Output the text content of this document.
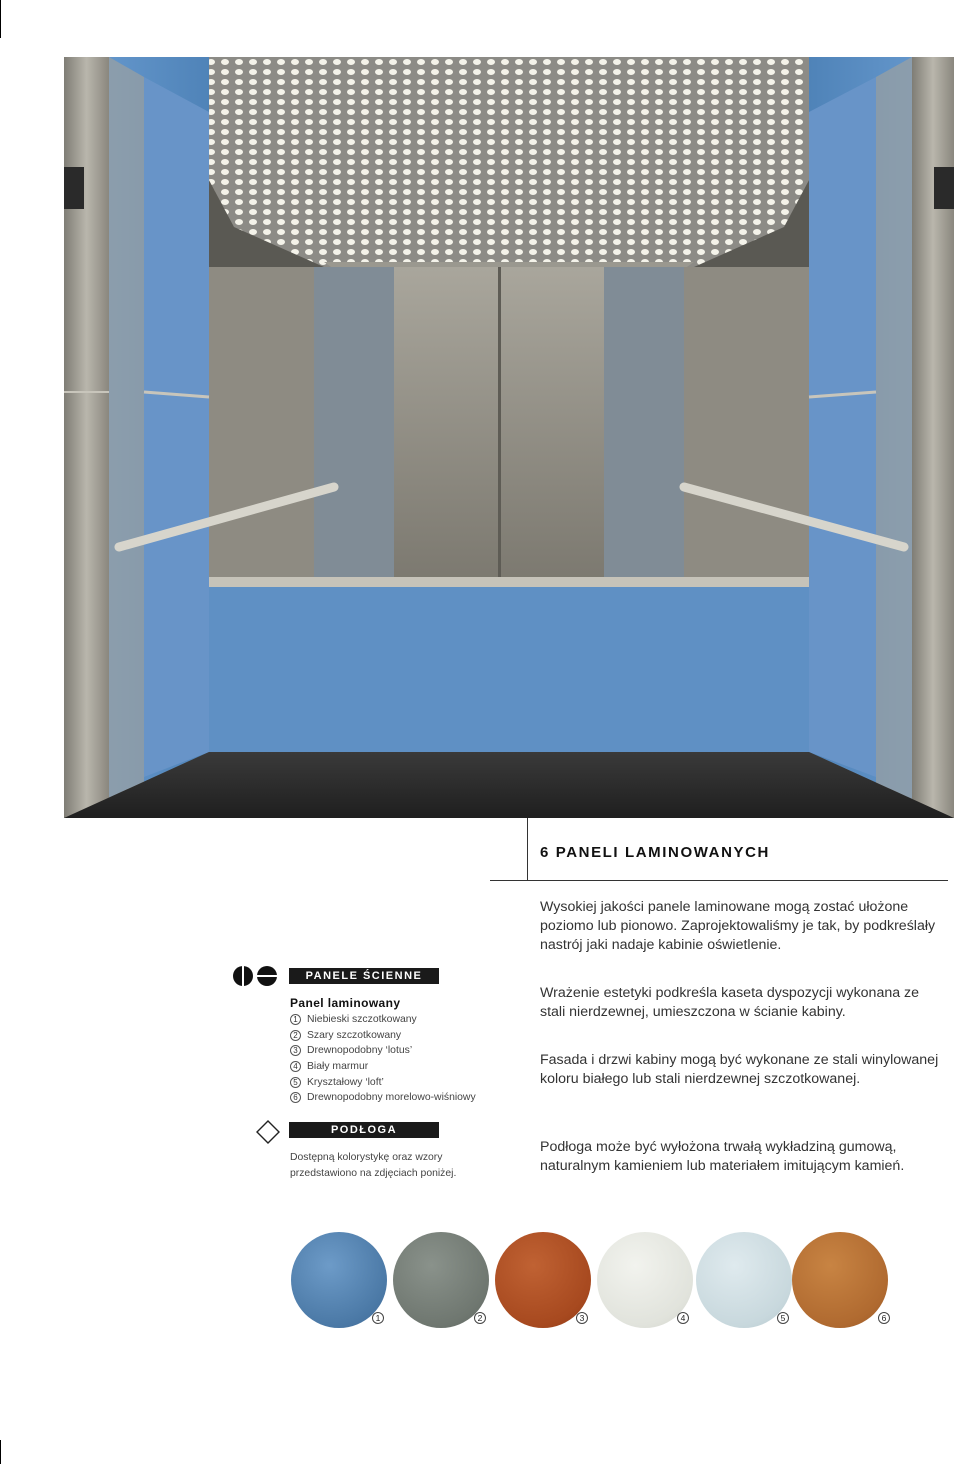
6 PANELI LAMINOWANYCH

Wysokiej jakości panele laminowane mogą zostać ułożone poziomo lub pionowo. Zaprojektowaliśmy je tak, by podkreślały nastrój jaki nadaje kabinie oświetlenie.

Wrażenie estetyki podkreśla kaseta dyspozycji wykonana ze stali nierdzewnej, umieszczona w ścianie kabiny.

Fasada i drzwi kabiny mogą być wykonane ze stali winylowanej koloru białego lub stali nierdzewnej szczotkowanej.

Podłoga może być wyłożona trwałą wykładziną gumową, naturalnym kamieniem lub materiałem imitującym kamień.

PANELE ŚCIENNE
Panel laminowany
1 Niebieski szczotkowany
2 Szary szczotkowany
3 Drewnopodobny ‘lotus’
4 Biały marmur
5 Kryształowy ‘loft’
6 Drewnopodobny morelowo-wiśniowy
PODŁOGA

Dostępną kolorystykę oraz wzory przedstawiono na zdjęciach poniżej.

1	2	3	4	5	6
